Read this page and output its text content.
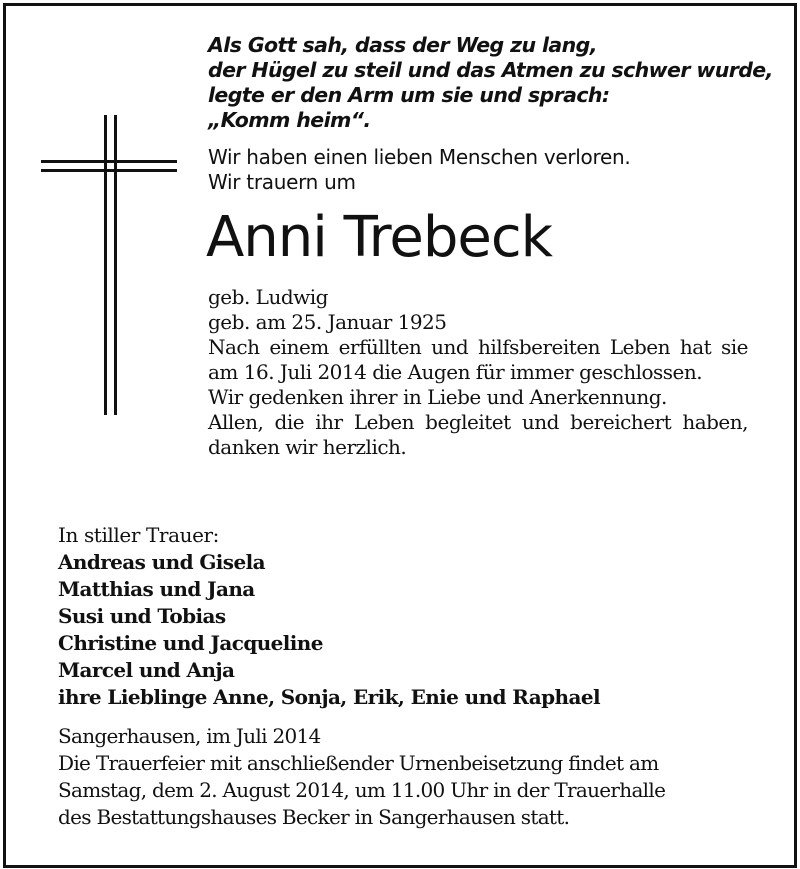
Als Gott sah, dass der Weg zu lang,
der Hügel zu steil und das Atmen zu schwer wurde,
legte er den Arm um sie und sprach:
„Komm heim“.
Wir haben einen lieben Menschen verloren.
Wir trauern um
Anni Trebeck
geb. Ludwig
geb. am 25. Januar 1925

Nach einem erfüllten und hilfsbereiten Leben hat sie am 16. Juli 2014 die Augen für immer geschlossen.

Wir gedenken ihrer in Liebe und Anerkennung.

Allen, die ihr Leben begleitet und bereichert haben, danken wir herzlich.

In stiller Trauer:
Andreas und Gisela
Matthias und Jana
Susi und Tobias
Christine und Jacqueline
Marcel und Anja
ihre Lieblinge Anne, Sonja, Erik, Enie und Raphael
Sangerhausen, im Juli 2014
Die Trauerfeier mit anschließender Urnenbeisetzung findet am
Samstag, dem 2. August 2014, um 11.00 Uhr in der Trauerhalle
des Bestattungshauses Becker in Sangerhausen statt.
